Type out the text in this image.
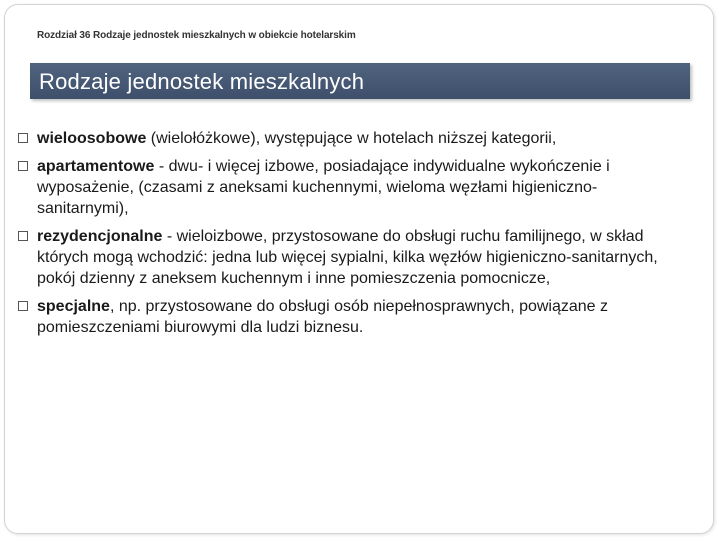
Rozdział 36 Rodzaje jednostek mieszkalnych w obiekcie hotelarskim
Rodzaje jednostek mieszkalnych
wieloosobowe (wielołóżkowe), występujące w hotelach niższej kategorii,
apartamentowe - dwu- i więcej izbowe, posiadające indywidualne wykończenie i wyposażenie, (czasami z aneksami kuchennymi, wieloma węzłami higieniczno-sanitarnymi),
rezydencjonalne - wieloizbowe, przystosowane do obsługi ruchu familijnego, w skład których mogą wchodzić: jedna lub więcej sypialni, kilka węzłów higieniczno-sanitarnych, pokój dzienny z aneksem kuchennym i inne pomieszczenia pomocnicze,
specjalne, np. przystosowane do obsługi osób niepełnosprawnych, powiązane z pomieszczeniami biurowymi dla ludzi biznesu.
